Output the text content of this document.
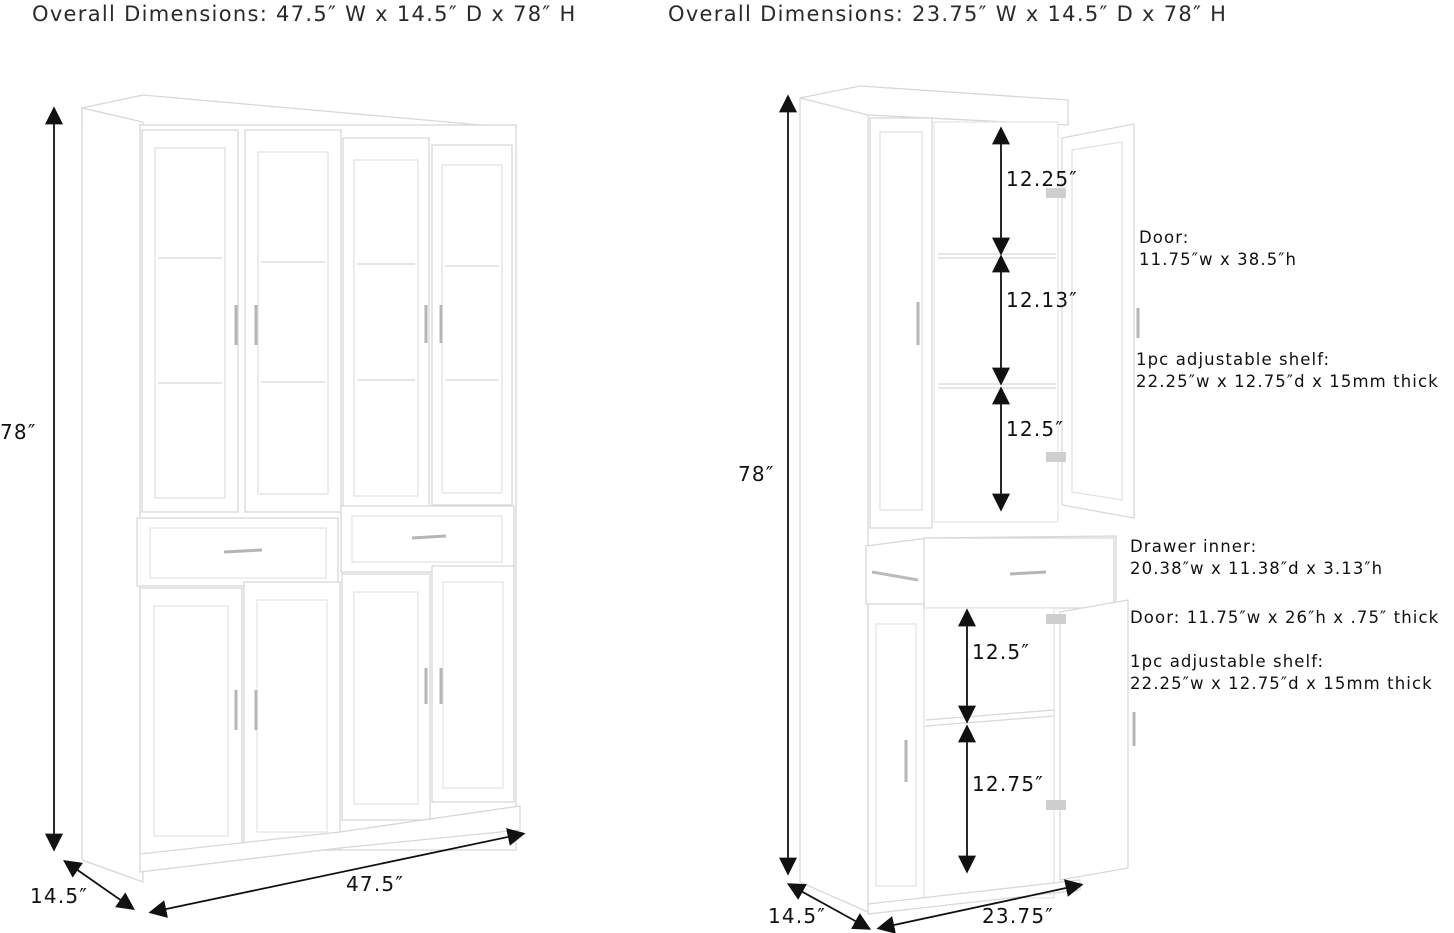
Overall Dimensions: 47.5″ W x 14.5″ D x 78″ H	Overall Dimensions: 23.75″ W x 14.5″ D x 78″ H
78″
14.5″	47.5″
78″
14.5″	23.75″
12.25″
12.13″
12.5″
12.5″
12.75″
Door:
11.75″w x 38.5″h
1pc adjustable shelf:
22.25″w x 12.75″d x 15mm thick
Drawer inner:
20.38″w x 11.38″d x 3.13″h
Door: 11.75″w x 26″h x .75″ thick
1pc adjustable shelf:
22.25″w x 12.75″d x 15mm thick
